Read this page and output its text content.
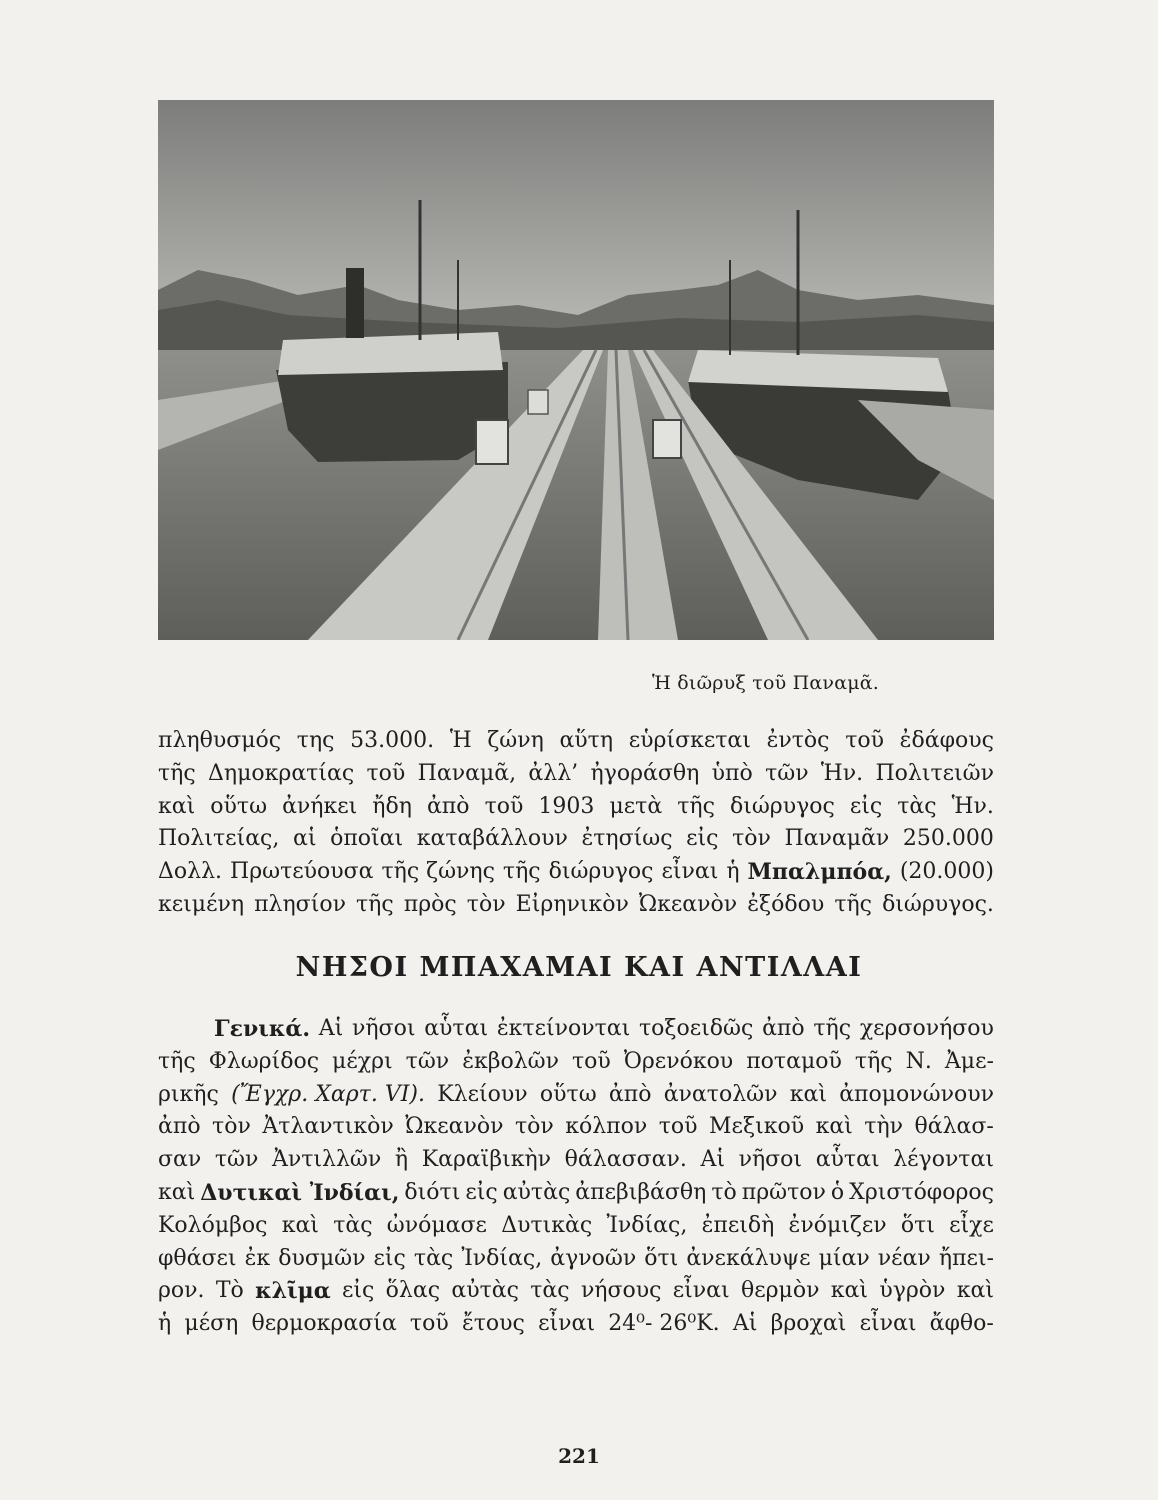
Ἡ διῶρυξ τοῦ Παναμᾶ.
πληθυσμός της 53.000. Ἡ ζώνη αὕτη εὑρίσκεται ἐντὸς τοῦ ἐδάφους
τῆς Δημοκρατίας τοῦ Παναμᾶ, ἀλλ’ ἠγοράσθη ὑπὸ τῶν Ἡν. Πολιτειῶν
καὶ οὕτω ἀνήκει ἤδη ἀπὸ τοῦ 1903 μετὰ τῆς διώρυγος εἰς τὰς Ἡν.
Πολιτείας, αἱ ὁποῖαι καταβάλλουν ἐτησίως εἰς τὸν Παναμᾶν 250.000
Δολλ. Πρωτεύουσα τῆς ζώνης τῆς διώρυγος εἶναι ἡ Μπαλμπόα, (20.000)
κειμένη πλησίον τῆς πρὸς τὸν Εἰρηνικὸν Ὠκεανὸν ἐξόδου τῆς διώρυγος.
ΝΗΣΟΙ ΜΠΑΧΑΜΑΙ ΚΑΙ ΑΝΤΙΛΛΑΙ
Γενικά. Αἱ νῆσοι αὗται ἐκτείνονται τοξοειδῶς ἀπὸ τῆς χερσονήσου
τῆς Φλωρίδος μέχρι τῶν ἐκβολῶν τοῦ Ὀρενόκου ποταμοῦ τῆς Ν. Ἀμε-
ρικῆς (Ἔγχρ. Χαρτ. VI). Κλείουν οὕτω ἀπὸ ἀνατολῶν καὶ ἀπομονώνουν
ἀπὸ τὸν Ἀτλαντικὸν Ὠκεανὸν τὸν κόλπον τοῦ Μεξικοῦ καὶ τὴν θάλασ-
σαν τῶν Ἀντιλλῶν ἢ Καραϊβικὴν θάλασσαν. Αἱ νῆσοι αὗται λέγονται
καὶ Δυτικαὶ Ἰνδίαι, διότι εἰς αὐτὰς ἀπεβιβάσθη τὸ πρῶτον ὁ Χριστόφορος
Κολόμβος καὶ τὰς ὠνόμασε Δυτικὰς Ἰνδίας, ἐπειδὴ ἐνόμιζεν ὅτι εἶχε
φθάσει ἐκ δυσμῶν εἰς τὰς Ἰνδίας, ἀγνοῶν ὅτι ἀνεκάλυψε μίαν νέαν ἤπει-
ρον. Τὸ κλῖμα εἰς ὅλας αὐτὰς τὰς νήσους εἶναι θερμὸν καὶ ὑγρὸν καὶ
ἡ μέση θερμοκρασία τοῦ ἔτους εἶναι 24⁰- 26⁰Κ. Αἱ βροχαὶ εἶναι ἄφθο-
221
